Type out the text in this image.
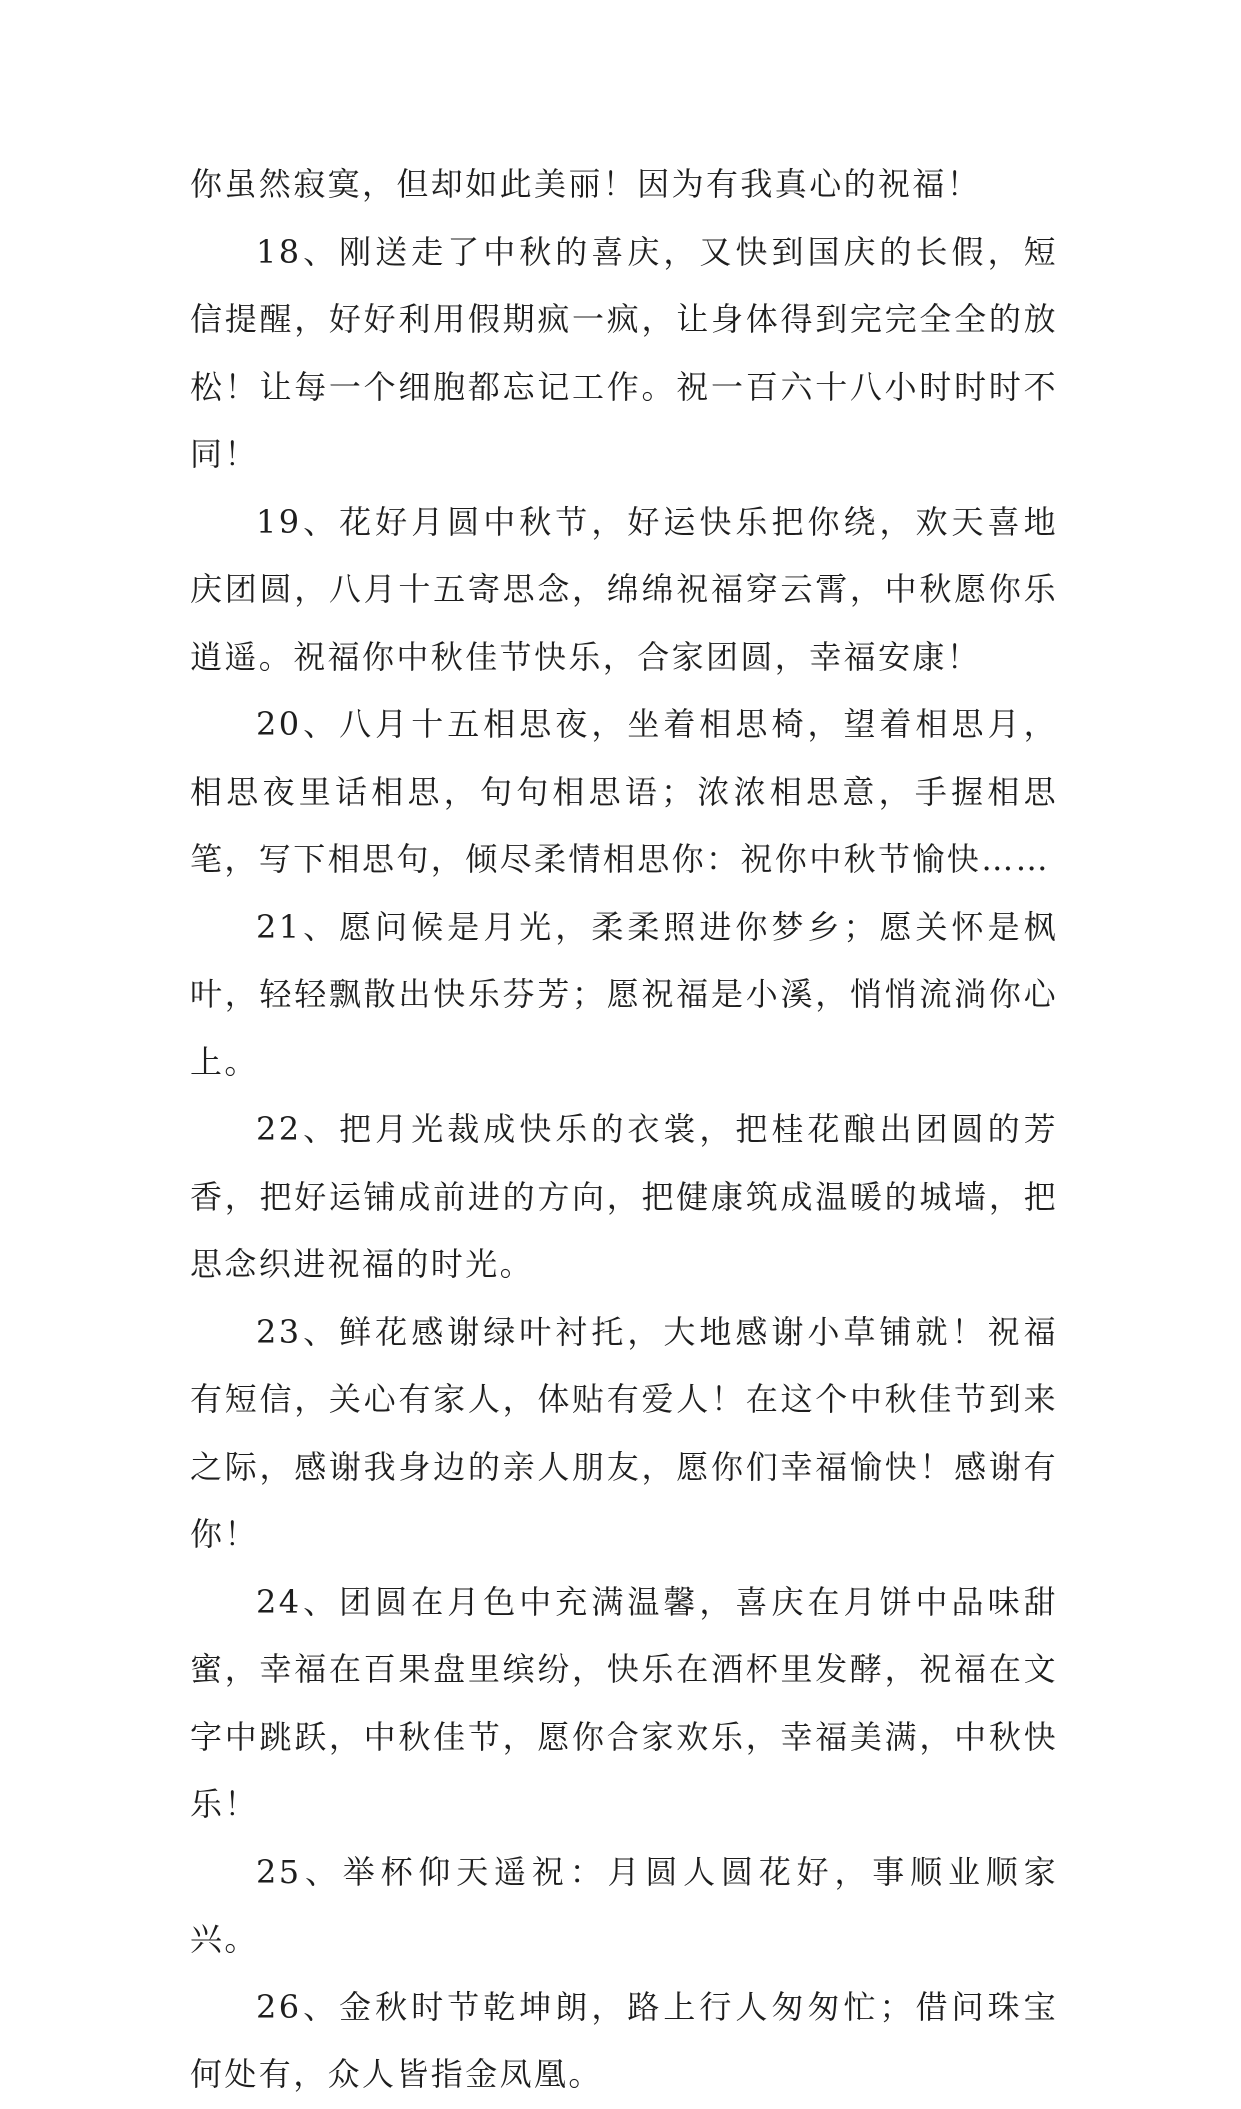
你虽然寂寞，但却如此美丽！因为有我真心的祝福！

18、刚送走了中秋的喜庆，又快到国庆的长假，短信提醒，好好利用假期疯一疯，让身体得到完完全全的放松！让每一个细胞都忘记工作。祝一百六十八小时时时不同！

19、花好月圆中秋节，好运快乐把你绕，欢天喜地庆团圆，八月十五寄思念，绵绵祝福穿云霄，中秋愿你乐逍遥。祝福你中秋佳节快乐，合家团圆，幸福安康！

20、八月十五相思夜，坐着相思椅，望着相思月，相思夜里话相思，句句相思语；浓浓相思意，手握相思笔，写下相思句，倾尽柔情相思你：祝你中秋节愉快……

21、愿问候是月光，柔柔照进你梦乡；愿关怀是枫叶，轻轻飘散出快乐芬芳；愿祝福是小溪，悄悄流淌你心上。

22、把月光裁成快乐的衣裳，把桂花酿出团圆的芳香，把好运铺成前进的方向，把健康筑成温暖的城墙，把思念织进祝福的时光。

23、鲜花感谢绿叶衬托，大地感谢小草铺就！祝福有短信，关心有家人，体贴有爱人！在这个中秋佳节到来之际，感谢我身边的亲人朋友，愿你们幸福愉快！感谢有你！

24、团圆在月色中充满温馨，喜庆在月饼中品味甜蜜，幸福在百果盘里缤纷，快乐在酒杯里发酵，祝福在文字中跳跃，中秋佳节，愿你合家欢乐，幸福美满，中秋快乐！

25、举杯仰天遥祝：月圆人圆花好，事顺业顺家兴。

26、金秋时节乾坤朗，路上行人匆匆忙；借问珠宝何处有，众人皆指金凤凰。
